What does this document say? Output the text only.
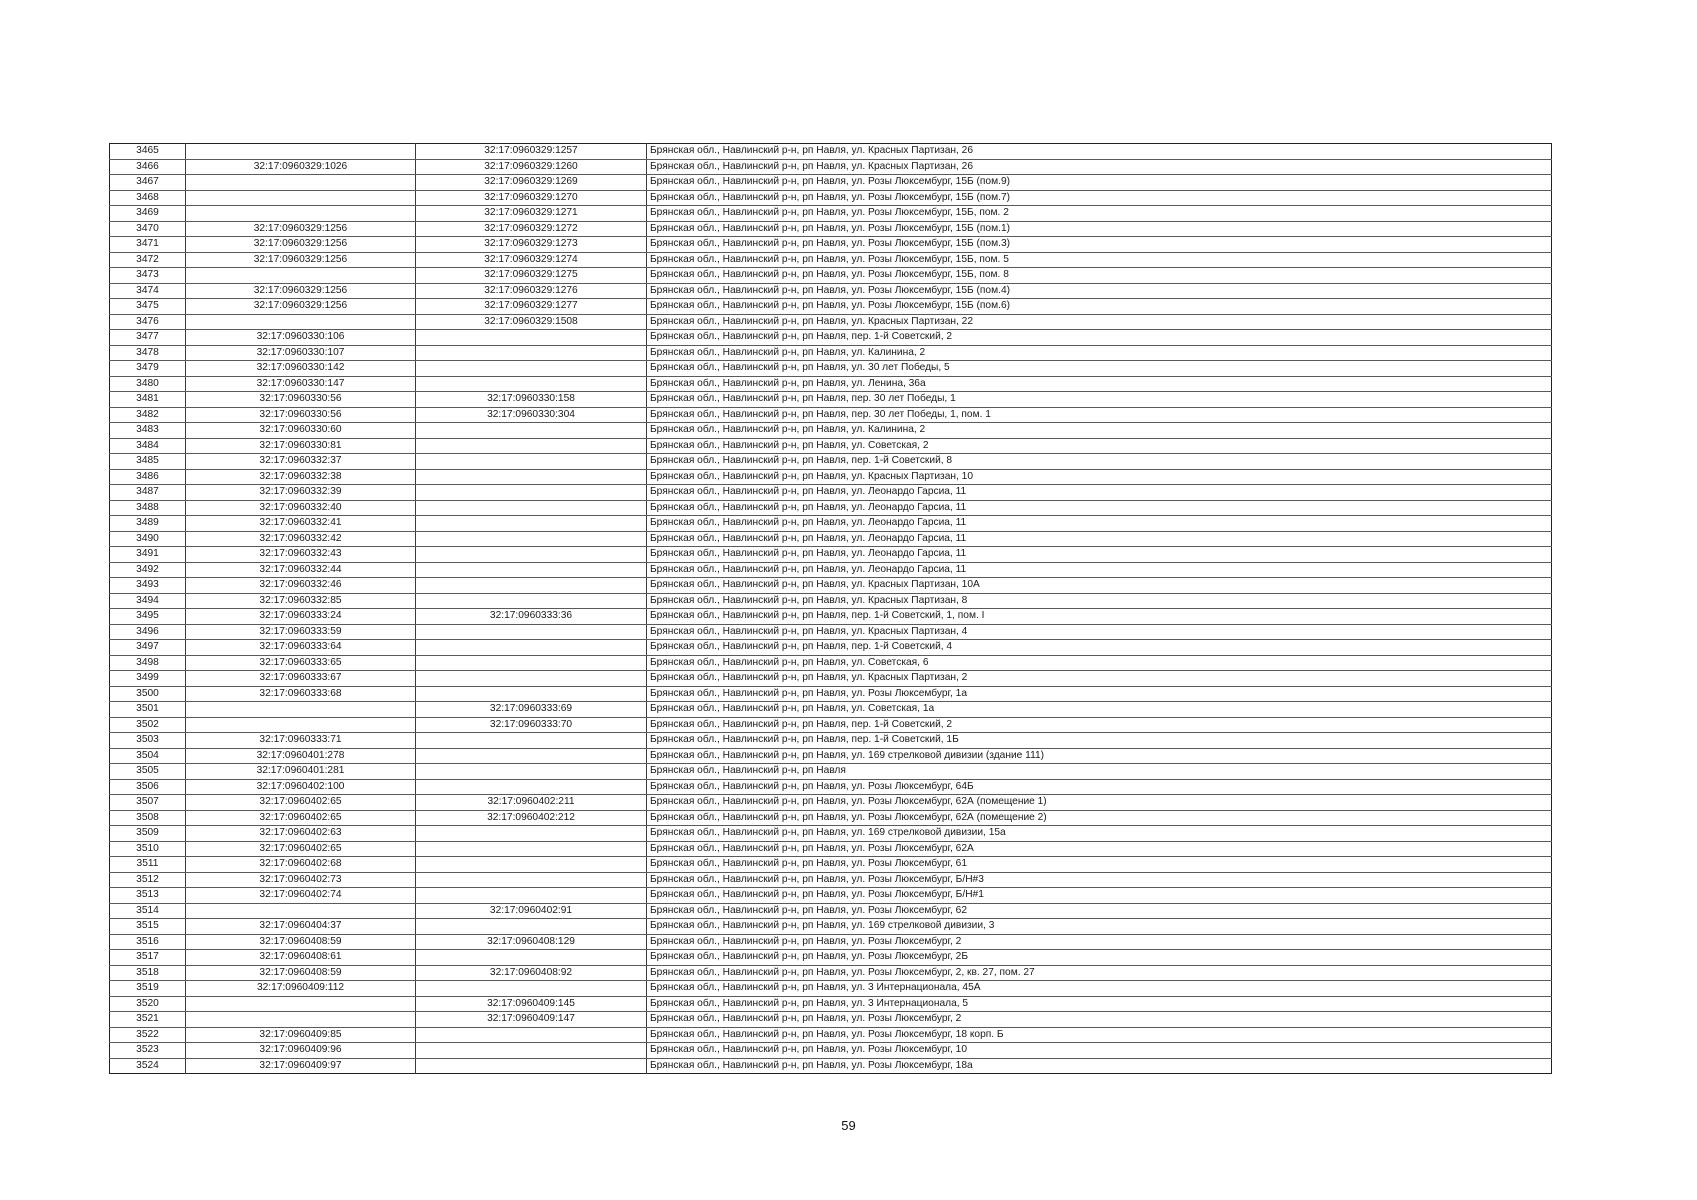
3465		32:17:0960329:1257	Брянская обл., Навлинский р-н, рп Навля, ул. Красных Партизан, 26
3466	32:17:0960329:1026	32:17:0960329:1260	Брянская обл., Навлинский р-н, рп Навля, ул. Красных Партизан, 26
3467		32:17:0960329:1269	Брянская обл., Навлинский р-н, рп Навля, ул. Розы Люксембург, 15Б (пом.9)
3468		32:17:0960329:1270	Брянская обл., Навлинский р-н, рп Навля, ул. Розы Люксембург, 15Б (пом.7)
3469		32:17:0960329:1271	Брянская обл., Навлинский р-н, рп Навля, ул. Розы Люксембург, 15Б, пом. 2
3470	32:17:0960329:1256	32:17:0960329:1272	Брянская обл., Навлинский р-н, рп Навля, ул. Розы Люксембург, 15Б (пом.1)
3471	32:17:0960329:1256	32:17:0960329:1273	Брянская обл., Навлинский р-н, рп Навля, ул. Розы Люксембург, 15Б (пом.3)
3472	32:17:0960329:1256	32:17:0960329:1274	Брянская обл., Навлинский р-н, рп Навля, ул. Розы Люксембург, 15Б, пом. 5
3473		32:17:0960329:1275	Брянская обл., Навлинский р-н, рп Навля, ул. Розы Люксембург, 15Б, пом. 8
3474	32:17:0960329:1256	32:17:0960329:1276	Брянская обл., Навлинский р-н, рп Навля, ул. Розы Люксембург, 15Б (пом.4)
3475	32:17:0960329:1256	32:17:0960329:1277	Брянская обл., Навлинский р-н, рп Навля, ул. Розы Люксембург, 15Б (пом.6)
3476		32:17:0960329:1508	Брянская обл., Навлинский р-н, рп Навля, ул. Красных Партизан, 22
3477	32:17:0960330:106		Брянская обл., Навлинский р-н, рп Навля, пер. 1-й Советский, 2
3478	32:17:0960330:107		Брянская обл., Навлинский р-н, рп Навля, ул. Калинина, 2
3479	32:17:0960330:142		Брянская обл., Навлинский р-н, рп Навля, ул. 30 лет Победы, 5
3480	32:17:0960330:147		Брянская обл., Навлинский р-н, рп Навля, ул. Ленина, 36а
3481	32:17:0960330:56	32:17:0960330:158	Брянская обл., Навлинский р-н, рп Навля, пер. 30 лет Победы, 1
3482	32:17:0960330:56	32:17:0960330:304	Брянская обл., Навлинский р-н, рп Навля, пер. 30 лет Победы, 1, пом. 1
3483	32:17:0960330:60		Брянская обл., Навлинский р-н, рп Навля, ул. Калинина, 2
3484	32:17:0960330:81		Брянская обл., Навлинский р-н, рп Навля, ул. Советская, 2
3485	32:17:0960332:37		Брянская обл., Навлинский р-н, рп Навля, пер. 1-й Советский, 8
3486	32:17:0960332:38		Брянская обл., Навлинский р-н, рп Навля, ул. Красных Партизан, 10
3487	32:17:0960332:39		Брянская обл., Навлинский р-н, рп Навля, ул. Леонардо Гарсиа, 11
3488	32:17:0960332:40		Брянская обл., Навлинский р-н, рп Навля, ул. Леонардо Гарсиа, 11
3489	32:17:0960332:41		Брянская обл., Навлинский р-н, рп Навля, ул. Леонардо Гарсиа, 11
3490	32:17:0960332:42		Брянская обл., Навлинский р-н, рп Навля, ул. Леонардо Гарсиа, 11
3491	32:17:0960332:43		Брянская обл., Навлинский р-н, рп Навля, ул. Леонардо Гарсиа, 11
3492	32:17:0960332:44		Брянская обл., Навлинский р-н, рп Навля, ул. Леонардо Гарсиа, 11
3493	32:17:0960332:46		Брянская обл., Навлинский р-н, рп Навля, ул. Красных Партизан, 10А
3494	32:17:0960332:85		Брянская обл., Навлинский р-н, рп Навля, ул. Красных Партизан, 8
3495	32:17:0960333:24	32:17:0960333:36	Брянская обл., Навлинский р-н, рп Навля, пер. 1-й Советский, 1, пом. I
3496	32:17:0960333:59		Брянская обл., Навлинский р-н, рп Навля, ул. Красных Партизан, 4
3497	32:17:0960333:64		Брянская обл., Навлинский р-н, рп Навля, пер. 1-й Советский, 4
3498	32:17:0960333:65		Брянская обл., Навлинский р-н, рп Навля, ул. Советская, 6
3499	32:17:0960333:67		Брянская обл., Навлинский р-н, рп Навля, ул. Красных Партизан, 2
3500	32:17:0960333:68		Брянская обл., Навлинский р-н, рп Навля, ул. Розы Люксембург, 1а
3501		32:17:0960333:69	Брянская обл., Навлинский р-н, рп Навля, ул. Советская, 1а
3502		32:17:0960333:70	Брянская обл., Навлинский р-н, рп Навля, пер. 1-й Советский, 2
3503	32:17:0960333:71		Брянская обл., Навлинский р-н, рп Навля, пер. 1-й Советский, 1Б
3504	32:17:0960401:278		Брянская обл., Навлинский р-н, рп Навля, ул. 169 стрелковой дивизии (здание 111)
3505	32:17:0960401:281		Брянская обл., Навлинский р-н, рп Навля
3506	32:17:0960402:100		Брянская обл., Навлинский р-н, рп Навля, ул. Розы Люксембург, 64Б
3507	32:17:0960402:65	32:17:0960402:211	Брянская обл., Навлинский р-н, рп Навля, ул. Розы Люксембург, 62А (помещение 1)
3508	32:17:0960402:65	32:17:0960402:212	Брянская обл., Навлинский р-н, рп Навля, ул. Розы Люксембург, 62А (помещение 2)
3509	32:17:0960402:63		Брянская обл., Навлинский р-н, рп Навля, ул. 169 стрелковой дивизии, 15а
3510	32:17:0960402:65		Брянская обл., Навлинский р-н, рп Навля, ул. Розы Люксембург, 62А
3511	32:17:0960402:68		Брянская обл., Навлинский р-н, рп Навля, ул. Розы Люксембург, 61
3512	32:17:0960402:73		Брянская обл., Навлинский р-н, рп Навля, ул. Розы Люксембург, Б/Н#3
3513	32:17:0960402:74		Брянская обл., Навлинский р-н, рп Навля, ул. Розы Люксембург, Б/Н#1
3514		32:17:0960402:91	Брянская обл., Навлинский р-н, рп Навля, ул. Розы Люксембург, 62
3515	32:17:0960404:37		Брянская обл., Навлинский р-н, рп Навля, ул. 169 стрелковой дивизии, 3
3516	32:17:0960408:59	32:17:0960408:129	Брянская обл., Навлинский р-н, рп Навля, ул. Розы Люксембург, 2
3517	32:17:0960408:61		Брянская обл., Навлинский р-н, рп Навля, ул. Розы Люксембург, 2Б
3518	32:17:0960408:59	32:17:0960408:92	Брянская обл., Навлинский р-н, рп Навля, ул. Розы Люксембург, 2, кв. 27, пом. 27
3519	32:17:0960409:112		Брянская обл., Навлинский р-н, рп Навля, ул. 3 Интернационала, 45А
3520		32:17:0960409:145	Брянская обл., Навлинский р-н, рп Навля, ул. 3 Интернационала, 5
3521		32:17:0960409:147	Брянская обл., Навлинский р-н, рп Навля, ул. Розы Люксембург, 2
3522	32:17:0960409:85		Брянская обл., Навлинский р-н, рп Навля, ул. Розы Люксембург, 18 корп. Б
3523	32:17:0960409:96		Брянская обл., Навлинский р-н, рп Навля, ул. Розы Люксембург, 10
3524	32:17:0960409:97		Брянская обл., Навлинский р-н, рп Навля, ул. Розы Люксембург, 18а
59
